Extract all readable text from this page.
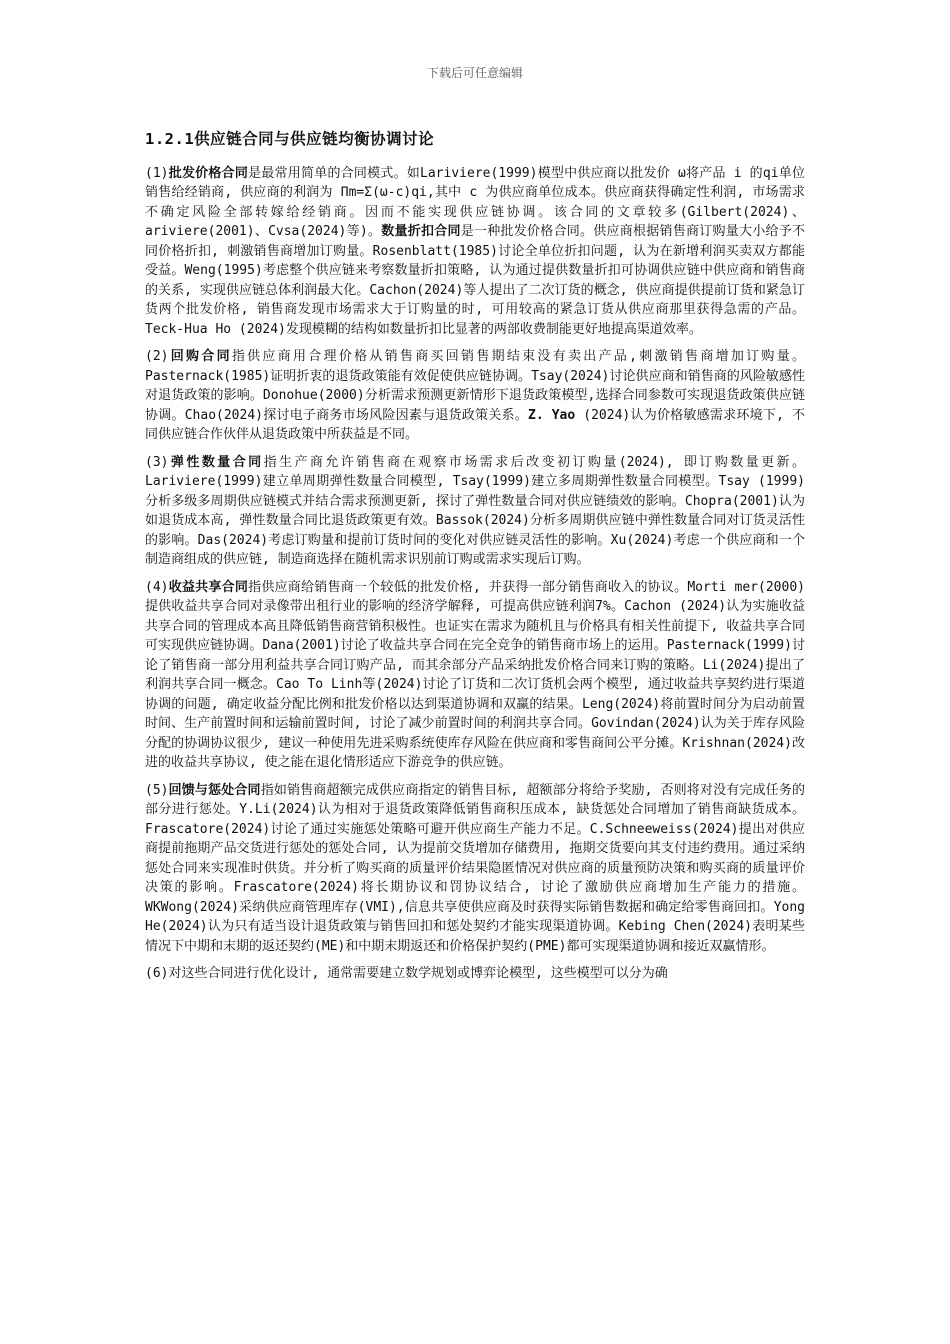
下载后可任意编辑
1.2.1供应链合同与供应链均衡协调讨论

(1)批发价格合同是最常用简单的合同模式。如Lariviere(1999)模型中供应商以批发价 ω将产品 i 的qi单位销售给经销商, 供应商的利润为 Πm=Σ(ω-c)qi,其中 c 为供应商单位成本。供应商获得确定性利润, 市场需求不确定风险全部转嫁给经销商。因而不能实现供应链协调。该合同的文章较多(Gilbert(2024)、ariviere(2001)、Cvsa(2024)等)。数量折扣合同是一种批发价格合同。供应商根据销售商订购量大小给予不同价格折扣, 刺激销售商增加订购量。Rosenblatt(1985)讨论全单位折扣问题, 认为在新增利润买卖双方都能受益。Weng(1995)考虑整个供应链来考察数量折扣策略, 认为通过提供数量折扣可协调供应链中供应商和销售商的关系, 实现供应链总体利润最大化。Cachon(2024)等人提出了二次订货的概念, 供应商提供提前订货和紧急订货两个批发价格, 销售商发现市场需求大于订购量的时, 可用较高的紧急订货从供应商那里获得急需的产品。Teck-Hua Ho (2024)发现模糊的结构如数量折扣比显著的两部收费制能更好地提高渠道效率。

(2)回购合同指供应商用合理价格从销售商买回销售期结束没有卖出产品,刺激销售商增加订购量。Pasternack(1985)证明折衷的退货政策能有效促使供应链协调。Tsay(2024)讨论供应商和销售商的风险敏感性对退货政策的影响。Donohue(2000)分析需求预测更新情形下退货政策模型,选择合同参数可实现退货政策供应链协调。Chao(2024)探讨电子商务市场风险因素与退货政策关系。Z. Yao (2024)认为价格敏感需求环境下, 不同供应链合作伙伴从退货政策中所获益是不同。

(3)弹性数量合同指生产商允许销售商在观察市场需求后改变初订购量(2024), 即订购数量更新。Lariviere(1999)建立单周期弹性数量合同模型, Tsay(1999)建立多周期弹性数量合同模型。Tsay (1999)分析多级多周期供应链模式并结合需求预测更新, 探讨了弹性数量合同对供应链绩效的影响。Chopra(2001)认为如退货成本高, 弹性数量合同比退货政策更有效。Bassok(2024)分析多周期供应链中弹性数量合同对订货灵活性的影响。Das(2024)考虑订购量和提前订货时间的变化对供应链灵活性的影响。Xu(2024)考虑一个供应商和一个制造商组成的供应链, 制造商选择在随机需求识别前订购或需求实现后订购。

(4)收益共享合同指供应商给销售商一个较低的批发价格, 并获得一部分销售商收入的协议。Morti mer(2000)提供收益共享合同对录像带出租行业的影响的经济学解释, 可提高供应链利润7%。Cachon (2024)认为实施收益共享合同的管理成本高且降低销售商营销积极性。也证实在需求为随机且与价格具有相关性前提下, 收益共享合同可实现供应链协调。Dana(2001)讨论了收益共享合同在完全竞争的销售商市场上的运用。Pasternack(1999)讨论了销售商一部分用利益共享合同订购产品, 而其余部分产品采纳批发价格合同来订购的策略。Li(2024)提出了利润共享合同一概念。Cao To Linh等(2024)讨论了订货和二次订货机会两个模型, 通过收益共享契约进行渠道协调的问题, 确定收益分配比例和批发价格以达到渠道协调和双赢的结果。Leng(2024)将前置时间分为启动前置时间、生产前置时间和运输前置时间, 讨论了减少前置时间的利润共享合同。Govindan(2024)认为关于库存风险分配的协调协议很少, 建议一种使用先进采购系统使库存风险在供应商和零售商间公平分摊。Krishnan(2024)改进的收益共享协议, 使之能在退化情形适应下游竞争的供应链。

(5)回馈与惩处合同指如销售商超额完成供应商指定的销售目标, 超额部分将给予奖励, 否则将对没有完成任务的部分进行惩处。Y.Li(2024)认为相对于退货政策降低销售商积压成本, 缺货惩处合同增加了销售商缺货成本。Frascatore(2024)讨论了通过实施惩处策略可避开供应商生产能力不足。C.Schneeweiss(2024)提出对供应商提前拖期产品交货进行惩处的惩处合同, 认为提前交货增加存储费用, 拖期交货要向其支付违约费用。通过采纳惩处合同来实现准时供货。并分析了购买商的质量评价结果隐匿情况对供应商的质量预防决策和购买商的质量评价决策的影响。Frascatore(2024)将长期协议和罚协议结合, 讨论了激励供应商增加生产能力的措施。WKWong(2024)采纳供应商管理库存(VMI),信息共享使供应商及时获得实际销售数据和确定给零售商回扣。Yong He(2024)认为只有适当设计退货政策与销售回扣和惩处契约才能实现渠道协调。Kebing Chen(2024)表明某些情况下中期和末期的返还契约(ME)和中期末期返还和价格保护契约(PME)都可实现渠道协调和接近双赢情形。

(6)对这些合同进行优化设计, 通常需要建立数学规划或博弈论模型, 这些模型可以分为确
